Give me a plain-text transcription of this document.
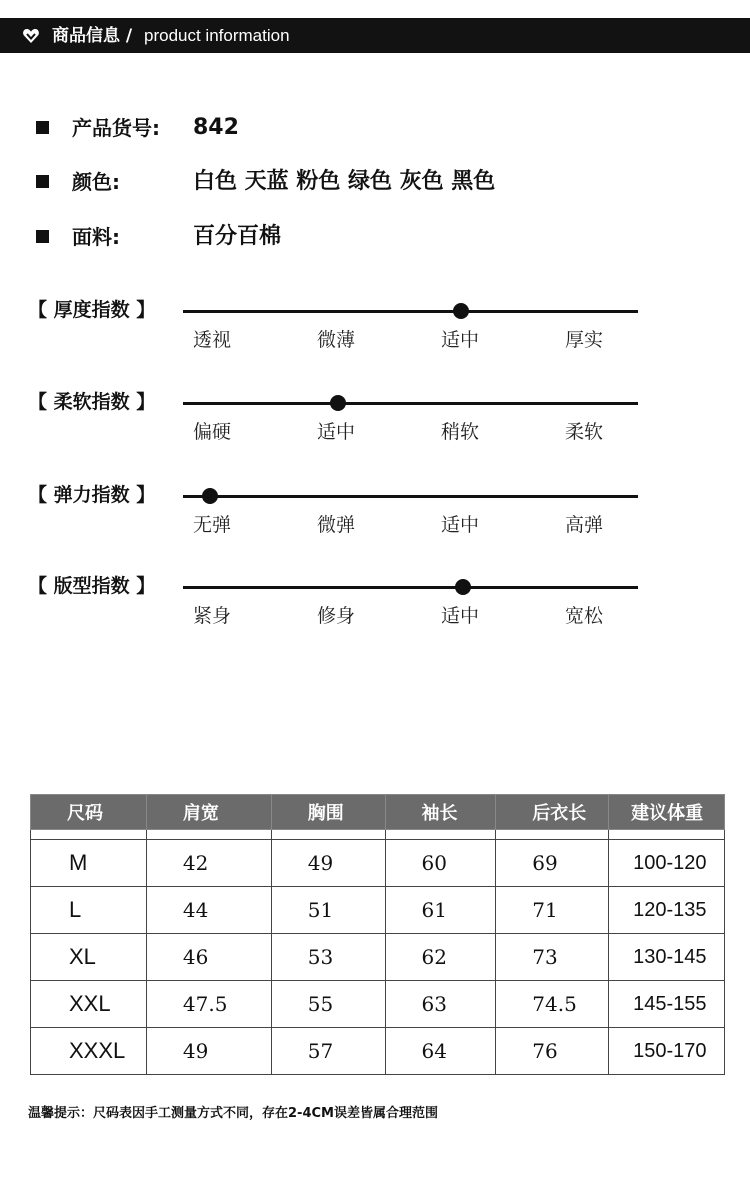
商品信息 / product information
产品货号: 842
颜色:	白色 天蓝 粉色 绿色 灰色 黑色
面料:	百分百棉
【 厚度指数 】
透视	微薄	适中	厚实
【 柔软指数 】
偏硬	适中	稍软	柔软
【 弹力指数 】
无弹	微弹	适中	高弹
【 版型指数 】
紧身	修身	适中	宽松
尺码	肩宽	胸围	袖长	后衣长	建议体重

M	42	49	60	69	100-120
L	44	51	61	71	120-135
XL	46	53	62	73	130-145
XXL	47.5	55	63	74.5	145-155
XXXL	49	57	64	76	150-170
温馨提示：尺码表因手工测量方式不同，存在2-4CM误差皆属合理范围
